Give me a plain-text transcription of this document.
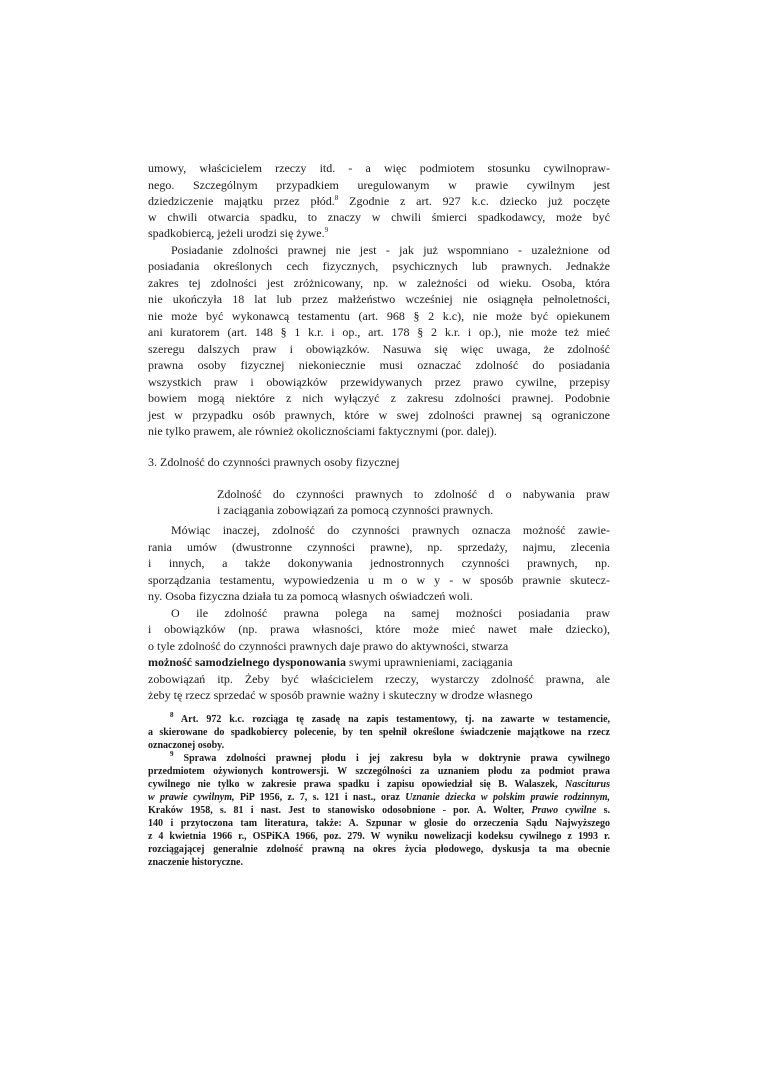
umowy, właścicielem rzeczy itd. - a więc podmiotem stosunku cywilnopraw-
nego. Szczególnym przypadkiem uregulowanym w prawie cywilnym jest
dziedziczenie majątku przez płód.$^8$ Zgodnie z art. 927 k.c. dziecko już poczęte
w chwili otwarcia spadku, to znaczy w chwili śmierci spadkodawcy, może być
spadkobiercą, jeżeli urodzi się żywe.$^9$
Posiadanie zdolności prawnej nie jest - jak już wspomniano - uzależnione od
posiadania określonych cech fizycznych, psychicznych lub prawnych. Jednakże
zakres tej zdolności jest zróżnicowany, np. w zależności od wieku. Osoba, która
nie ukończyła 18 lat lub przez małżeństwo wcześniej nie osiągnęła pełnoletności,
nie może być wykonawcą testamentu (art. 968 § 2 k.c), nie może być opiekunem
ani kuratorem (art. 148 § 1 k.r. i op., art. 178 § 2 k.r. i op.), nie może też mieć
szeregu dalszych praw i obowiązków. Nasuwa się więc uwaga, że zdolność
prawna osoby fizycznej niekoniecznie musi oznaczać zdolność do posiadania
wszystkich praw i obowiązków przewidywanych przez prawo cywilne, przepisy
bowiem mogą niektóre z nich wyłączyć z zakresu zdolności prawnej. Podobnie
jest w przypadku osób prawnych, które w swej zdolności prawnej są ograniczone
nie tylko prawem, ale również okolicznościami faktycznymi (por. dalej).
3. Zdolność do czynności prawnych osoby fizycznej
Zdolność do czynności prawnych to zdolność d o nabywania praw
i zaciągania zobowiązań za pomocą czynności prawnych.
Mówiąc inaczej, zdolność do czynności prawnych oznacza możność zawie-
rania umów (dwustronne czynności prawne), np. sprzedaży, najmu, zlecenia
i innych, a także dokonywania jednostronnych czynności prawnych, np.
sporządzania testamentu, wypowiedzenia u m o w y - w sposób prawnie skutecz-
ny. Osoba fizyczna działa tu za pomocą własnych oświadczeń woli.
O ile zdolność prawna polega na samej możności posiadania praw
i obowiązków (np. prawa własności, które może mieć nawet małe dziecko),
o tyle zdolność do czynności prawnych daje prawo do aktywności, stwarza
możność samodzielnego dysponowania swymi uprawnieniami, zaciągania
zobowiązań itp. Żeby być właścicielem rzeczy, wystarczy zdolność prawna, ale
żeby tę rzecz sprzedać w sposób prawnie ważny i skuteczny w drodze własnego
$^8$ Art. 972 k.c. rozciąga tę zasadę na zapis testamentowy, tj. na zawarte w testamencie,
a skierowane do spadkobiercy polecenie, by ten spełnił określone świadczenie majątkowe na rzecz
oznaczonej osoby.
$^9$ Sprawa zdolności prawnej płodu i jej zakresu była w doktrynie prawa cywilnego
przedmiotem ożywionych kontrowersji. W szczególności za uznaniem płodu za podmiot prawa
cywilnego nie tylko w zakresie prawa spadku i zapisu opowiedział się B. Walaszek, Nasciturus
w prawie cywilnym, PiP 1956, z. 7, s. 121 i nast., oraz Uznanie dziecka w polskim prawie rodzinnym,
Kraków 1958, s. 81 i nast. Jest to stanowisko odosobnione - por. A. Wolter, Prawo cywilne s.
140 i przytoczona tam literatura, także: A. Szpunar w glosie do orzeczenia Sądu Najwyższego
z 4 kwietnia 1966 r., OSPiKA 1966, poz. 279. W wyniku nowelizacji kodeksu cywilnego z 1993 r.
rozciągającej generalnie zdolność prawną na okres życia płodowego, dyskusja ta ma obecnie
znaczenie historyczne.
